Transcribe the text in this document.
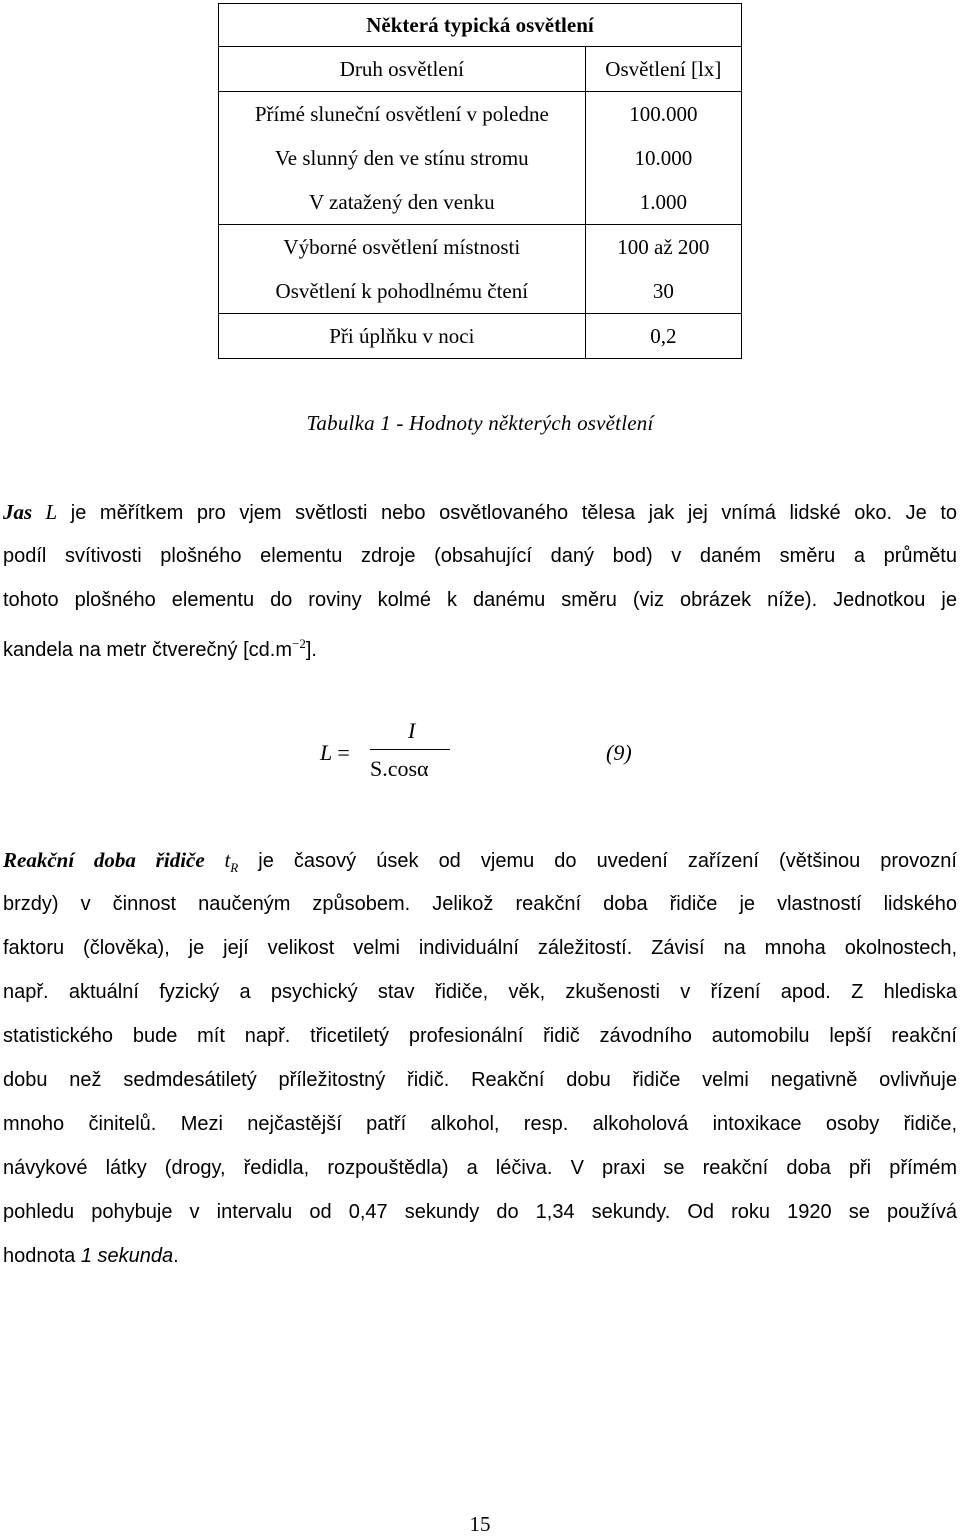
Některá typická osvětlení	
Druh osvětlení	Osvětlení [lx]
Přímé sluneční osvětlení v poledne	100.000
Ve slunný den ve stínu stromu	10.000
V zatažený den venku	1.000
Výborné osvětlení místnosti	100 až 200
Osvětlení k pohodlnému čtení	30
Při úplňku v noci	0,2
Tabulka 1 - Hodnoty některých osvětlení
Jas L je měřítkem pro vjem světlosti nebo osvětlovaného tělesa jak jej vnímá lidské oko. Je to
podíl svítivosti plošného elementu zdroje (obsahující daný bod) v daném směru a průmětu
tohoto plošného elementu do roviny kolmé k danému směru (viz obrázek níže). Jednotkou je
kandela na metr čtverečný $[cd.m^{-2}]$.
L =
I
S.cosα
(9)
Reakční doba řidiče $t_R$ je časový úsek od vjemu do uvedení zařízení (většinou provozní
brzdy) v činnost naučeným způsobem. Jelikož reakční doba řidiče je vlastností lidského
faktoru (člověka), je její velikost velmi individuální záležitostí. Závisí na mnoha okolnostech,
např. aktuální fyzický a psychický stav řidiče, věk, zkušenosti v řízení apod. Z hlediska
statistického bude mít např. třicetiletý profesionální řidič závodního automobilu lepší reakční
dobu než sedmdesátiletý příležitostný řidič. Reakční dobu řidiče velmi negativně ovlivňuje
mnoho činitelů. Mezi nejčastější patří alkohol, resp. alkoholová intoxikace osoby řidiče,
návykové látky (drogy, ředidla, rozpouštědla) a léčiva. V praxi se reakční doba při přímém
pohledu pohybuje v intervalu od 0,47 sekundy do 1,34 sekundy. Od roku 1920 se používá
hodnota 1 sekunda.
15
